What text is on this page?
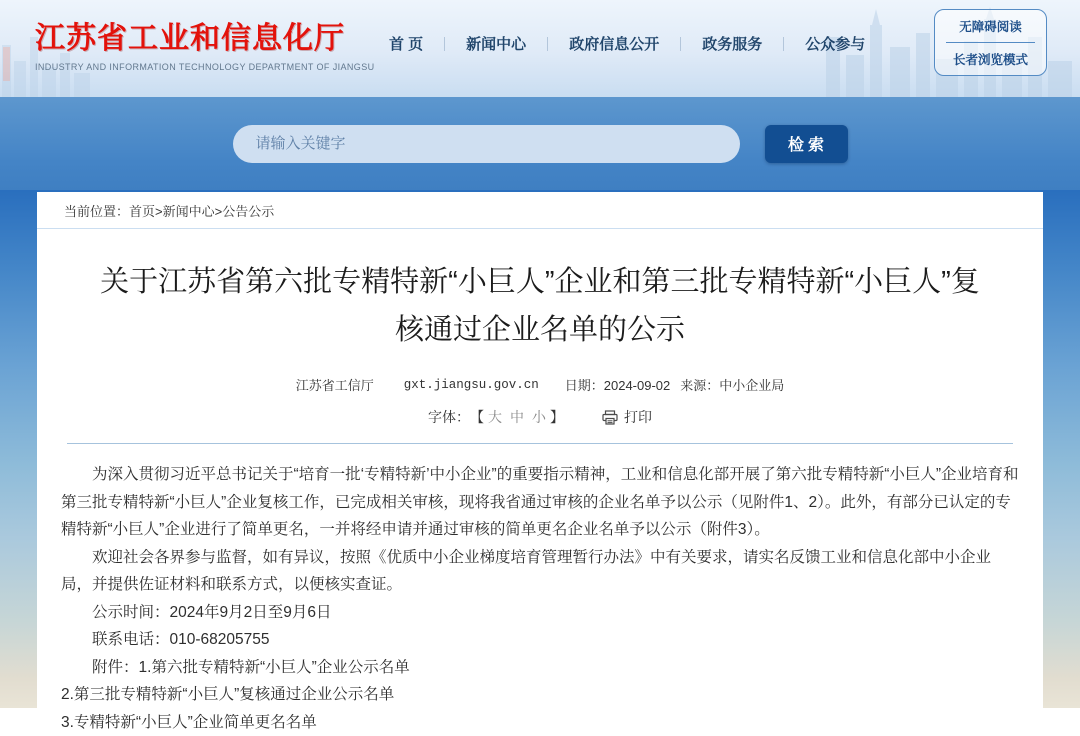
江苏省工业和信息化厅
INDUSTRY AND INFORMATION TECHNOLOGY DEPARTMENT OF JIANGSU
首 页	新闻中心	政府信息公开	政务服务	公众参与
无障碍阅读
长者浏览模式
请输入关键字
检索
当前位置： 首页>新闻中心>公告公示
关于江苏省第六批专精特新“小巨人”企业和第三批专精特新“小巨人”复核通过企业名单的公示
江苏省工信厅 gxt.jiangsu.gov.cn 日期：2024-09-02 来源：中小企业局
字体： 【 大 中 小 】	打印

为深入贯彻习近平总书记关于“培育一批‘专精特新’中小企业”的重要指示精神，工业和信息化部开展了第六批专精特新“小巨人”企业培育和第三批专精特新“小巨人”企业复核工作，已完成相关审核，现将我省通过审核的企业名单予以公示（见附件1、2）。此外，有部分已认定的专精特新“小巨人”企业进行了简单更名，一并将经申请并通过审核的简单更名企业名单予以公示（附件3）。

欢迎社会各界参与监督，如有异议，按照《优质中小企业梯度培育管理暂行办法》中有关要求，请实名反馈工业和信息化部中小企业局，并提供佐证材料和联系方式，以便核实查证。

公示时间：2024年9月2日至9月6日

联系电话：010-68205755

附件：1.第六批专精特新“小巨人”企业公示名单

2.第三批专精特新“小巨人”复核通过企业公示名单

3.专精特新“小巨人”企业简单更名名单
